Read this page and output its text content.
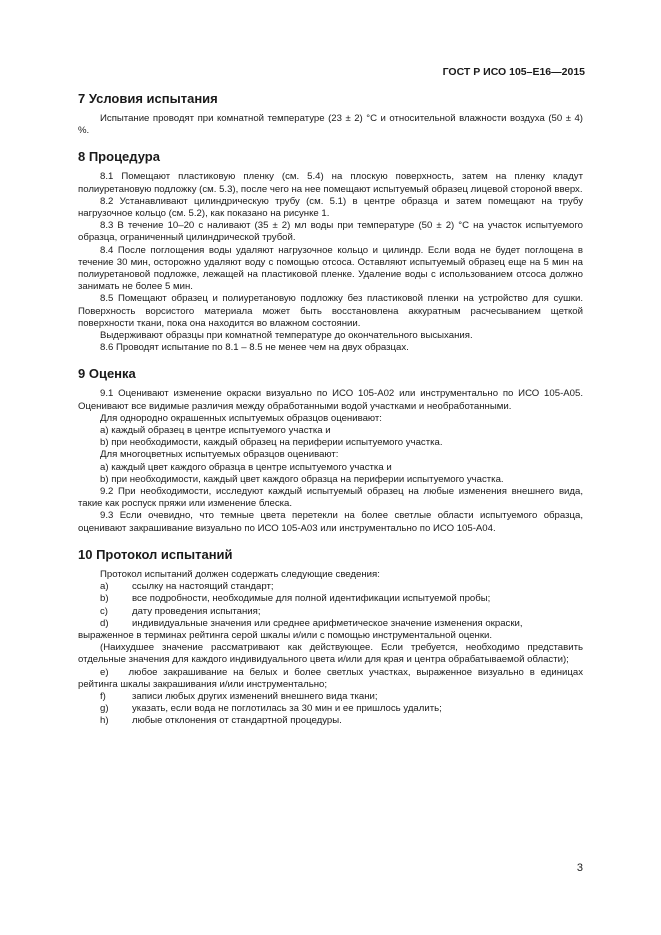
ГОСТ Р ИСО 105–E16—2015
7 Условия испытания

Испытание проводят при комнатной температуре (23 ± 2) °C и относительной влажности воздуха (50 ± 4) %.

8 Процедура

8.1 Помещают пластиковую пленку (см. 5.4) на плоскую поверхность, затем на пленку кладут полиуретановую подложку (см. 5.3), после чего на нее помещают испытуемый образец лицевой стороной вверх.

8.2 Устанавливают цилиндрическую трубу (см. 5.1) в центре образца и затем помещают на трубу нагрузочное кольцо (см. 5.2), как показано на рисунке 1.

8.3 В течение 10–20 с наливают (35 ± 2) мл воды при температуре (50 ± 2) °C на участок испытуемого образца, ограниченный цилиндрической трубой.

8.4 После поглощения воды удаляют нагрузочное кольцо и цилиндр. Если вода не будет поглощена в течение 30 мин, осторожно удаляют воду с помощью отсоса. Оставляют испытуемый образец еще на 5 мин на полиуретановой подложке, лежащей на пластиковой пленке. Удаление воды с использованием отсоса должно занимать не более 5 мин.

8.5 Помещают образец и полиуретановую подложку без пластиковой пленки на устройство для сушки. Поверхность ворсистого материала может быть восстановлена аккуратным расчесыванием щеткой поверхности ткани, пока она находится во влажном состоянии.

Выдерживают образцы при комнатной температуре до окончательного высыхания.

8.6 Проводят испытание по 8.1 – 8.5 не менее чем на двух образцах.

9 Оценка

9.1 Оценивают изменение окраски визуально по ИСО 105-A02 или инструментально по ИСО 105-A05. Оценивают все видимые различия между обработанными водой участками и необработанными.

Для однородно окрашенных испытуемых образцов оценивают:

а) каждый образец в центре испытуемого участка и

b) при необходимости, каждый образец на периферии испытуемого участка.

Для многоцветных испытуемых образцов оценивают:

а) каждый цвет каждого образца в центре испытуемого участка и

b) при необходимости, каждый цвет каждого образца на периферии испытуемого участка.

9.2 При необходимости, исследуют каждый испытуемый образец на любые изменения внешнего вида, такие как роспуск пряжи или изменение блеска.

9.3 Если очевидно, что темные цвета перетекли на более светлые области испытуемого образца, оценивают закрашивание визуально по ИСО 105-A03 или инструментально по ИСО 105-A04.

10 Протокол испытаний

Протокол испытаний должен содержать следующие сведения:

a)	ссылку на настоящий стандарт;
b)	все подробности, необходимые для полной идентификации испытуемой пробы;
c)	дату проведения испытания;
d)	индивидуальные значения или среднее арифметическое значение изменения окраски,

выраженное в терминах рейтинга серой шкалы и/или с помощью инструментальной оценки.

(Наихудшее значение рассматривают как действующее. Если требуется, необходимо представить отдельные значения для каждого индивидуального цвета и/или для края и центра обрабатываемой области);

e) любое закрашивание на белых и более светлых участках, выраженное визуально в единицах рейтинга шкалы закрашивания и/или инструментально;

f)	записи любых других изменений внешнего вида ткани;
g)	указать, если вода не поглотилась за 30 мин и ее пришлось удалить;
h)	любые отклонения от стандартной процедуры.
3
